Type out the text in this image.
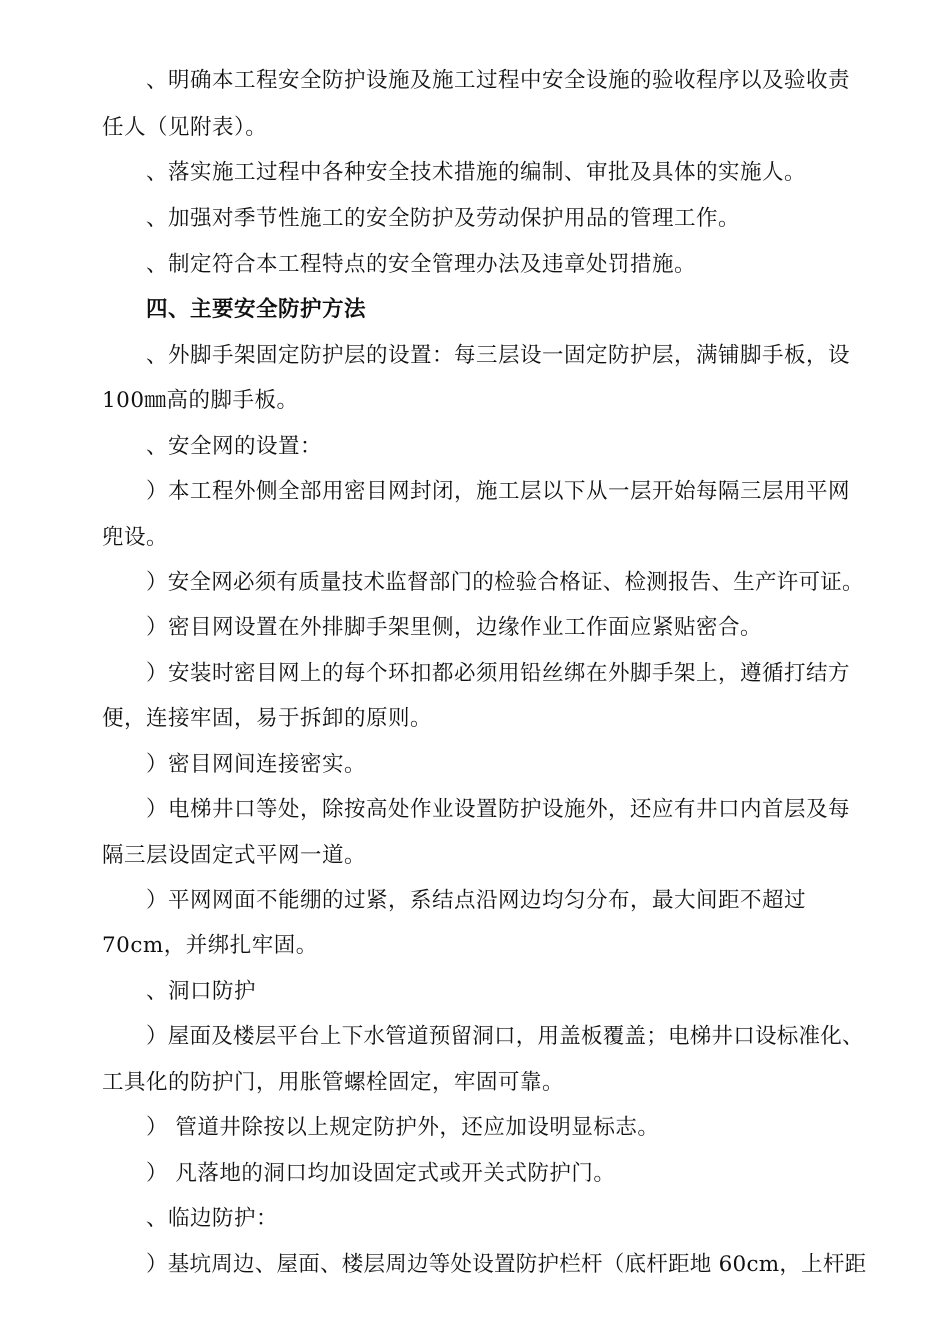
、明确本工程安全防护设施及施工过程中安全设施的验收程序以及验收责
任人（见附表）。
、落实施工过程中各种安全技术措施的编制、审批及具体的实施人。
、加强对季节性施工的安全防护及劳动保护用品的管理工作。
、制定符合本工程特点的安全管理办法及违章处罚措施。
四、主要安全防护方法
、外脚手架固定防护层的设置：每三层设一固定防护层，满铺脚手板，设
100㎜高的脚手板。
、安全网的设置：
）本工程外侧全部用密目网封闭，施工层以下从一层开始每隔三层用平网
兜设。
）安全网必须有质量技术监督部门的检验合格证、检测报告、生产许可证。
）密目网设置在外排脚手架里侧，边缘作业工作面应紧贴密合。
）安装时密目网上的每个环扣都必须用铅丝绑在外脚手架上，遵循打结方
便，连接牢固，易于拆卸的原则。
）密目网间连接密实。
）电梯井口等处，除按高处作业设置防护设施外，还应有井口内首层及每
隔三层设固定式平网一道。
）平网网面不能绷的过紧，系结点沿网边均匀分布，最大间距不超过
70cm，并绑扎牢固。
、洞口防护
）屋面及楼层平台上下水管道预留洞口，用盖板覆盖；电梯井口设标准化、
工具化的防护门，用胀管螺栓固定，牢固可靠。
） 管道井除按以上规定防护外，还应加设明显标志。
） 凡落地的洞口均加设固定式或开关式防护门。
、临边防护：
）基坑周边、屋面、楼层周边等处设置防护栏杆（底杆距地 60cm，上杆距
